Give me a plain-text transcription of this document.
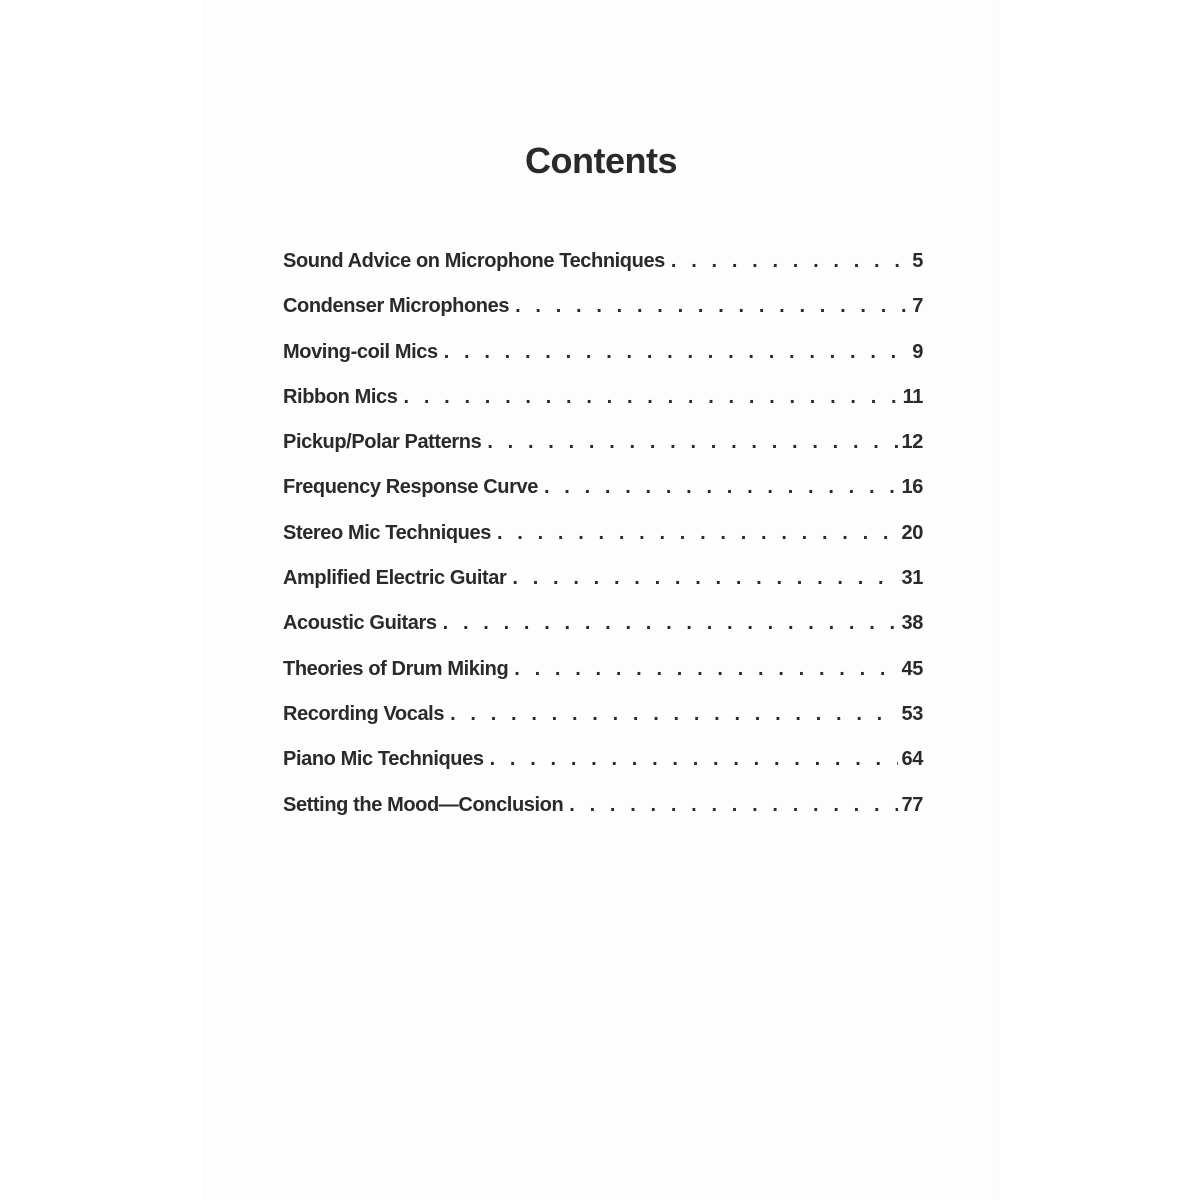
Contents
Sound Advice on Microphone Techniques . . .	5
Condenser Microphones . . .	7
Moving-coil Mics . . .	9
Ribbon Mics . . .	11
Pickup/Polar Patterns . . .	12
Frequency Response Curve . . .	16
Stereo Mic Techniques . . .	20
Amplified Electric Guitar . . .	31
Acoustic Guitars . . .	38
Theories of Drum Miking . . .	45
Recording Vocals . . .	53
Piano Mic Techniques . . .	64
Setting the Mood—Conclusion . . .	77
